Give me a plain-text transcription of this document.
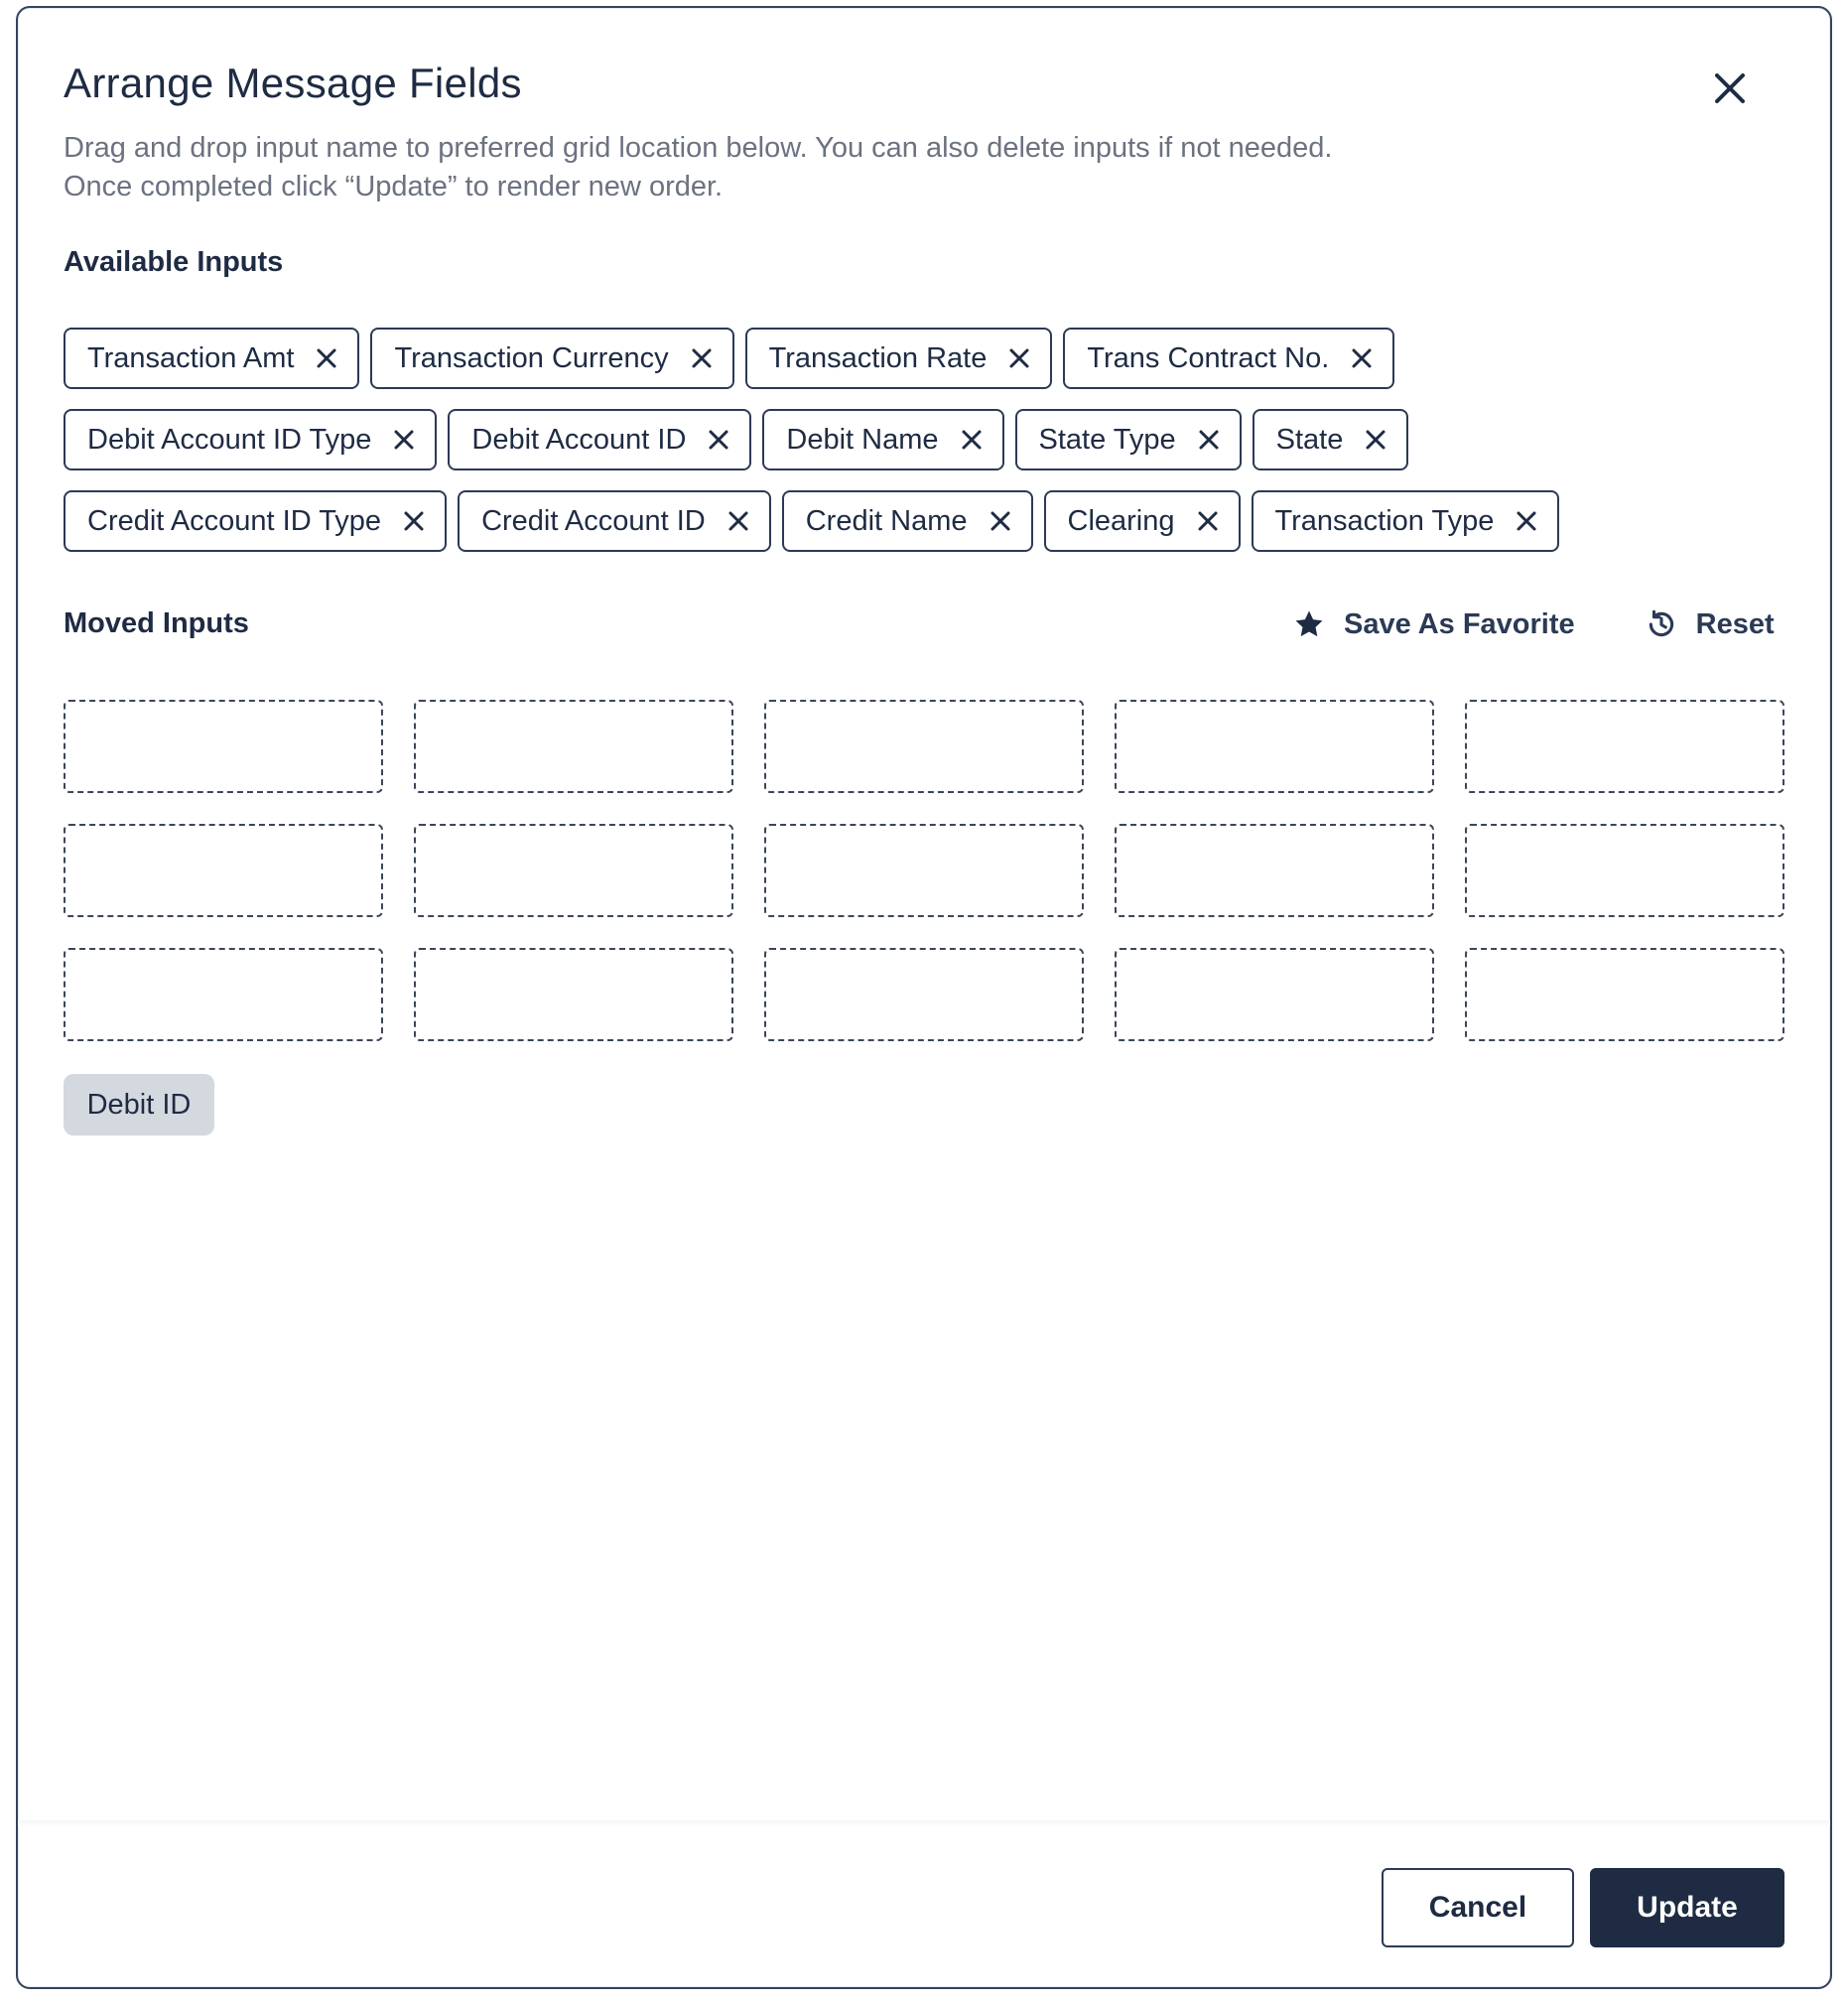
Arrange Message Fields
Drag and drop input name to preferred grid location below. You can also delete inputs if not needed.
Once completed click “Update” to render new order.
Available Inputs
Transaction Amt	Transaction Currency	Transaction Rate	Trans Contract No.
Debit Account ID Type	Debit Account ID	Debit Name	State Type	State
Credit Account ID Type	Credit Account ID	Credit Name	Clearing	Transaction Type
Moved Inputs	Save As Favorite	Reset
Debit ID
Cancel	Update
